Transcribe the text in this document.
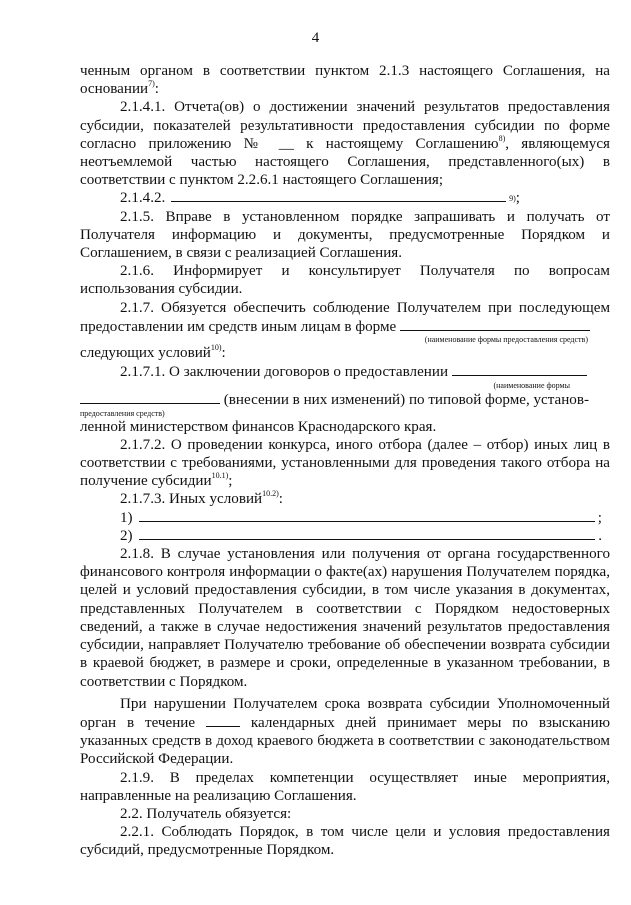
4
ченным органом в соответствии пунктом 2.1.3 настоящего Соглашения, на основании$^{7)}$:
2.1.4.1. Отчета(ов) о достижении значений результатов предоставления субсидии, показателей результативности предоставления субсидии по форме согласно приложению № __ к настоящему Соглашению$^{8)}$, являющемуся неотъемлемой частью настоящего Соглашения, представленного(ых) в соответствии с пунктом 2.2.6.1 настоящего Соглашения;
2.1.4.2.	$^{9)}$ ;
2.1.5. Вправе в установленном порядке запрашивать и получать от Получателя информацию и документы, предусмотренные Порядком и Соглашением, в связи с реализацией Соглашения.
2.1.6. Информирует и консультирует Получателя по вопросам использования субсидии.
2.1.7. Обязуется обеспечить соблюдение Получателем при последующем предоставлении им средств иным лицам в форме
(наименование формы предоставления средств)
следующих условий$^{10)}$:
2.1.7.1. О заключении договоров о предоставлении
(наименование формы
(внесении в них изменений) по типовой форме, установ-
предоставления средств)
ленной министерством финансов Краснодарского края.
2.1.7.2. О проведении конкурса, иного отбора (далее – отбор) иных лиц в соответствии с требованиями, установленными для проведения такого отбора на получение субсидии$^{10.1)}$;
2.1.7.3. Иных условий$^{10.2)}$:
1)	;
2)	.
2.1.8. В случае установления или получения от органа государственного финансового контроля информации о факте(ах) нарушения Получателем порядка, целей и условий предоставления субсидии, в том числе указания в документах, представленных Получателем в соответствии с Порядком недостоверных сведений, а также в случае недостижения значений результатов предоставления субсидии, направляет Получателю требование об обеспечении возврата субсидии в краевой бюджет, в размере и сроки, определенные в указанном требовании, в соответствии с Порядком.
При нарушении Получателем срока возврата субсидии Уполномоченный орган в течение	календарных дней принимает меры по взысканию указанных средств в доход краевого бюджета в соответствии с законодательством Российской Федерации.
2.1.9. В пределах компетенции осуществляет иные мероприятия, направленные на реализацию Соглашения.
2.2. Получатель обязуется:
2.2.1. Соблюдать Порядок, в том числе цели и условия предоставления субсидий, предусмотренные Порядком.
